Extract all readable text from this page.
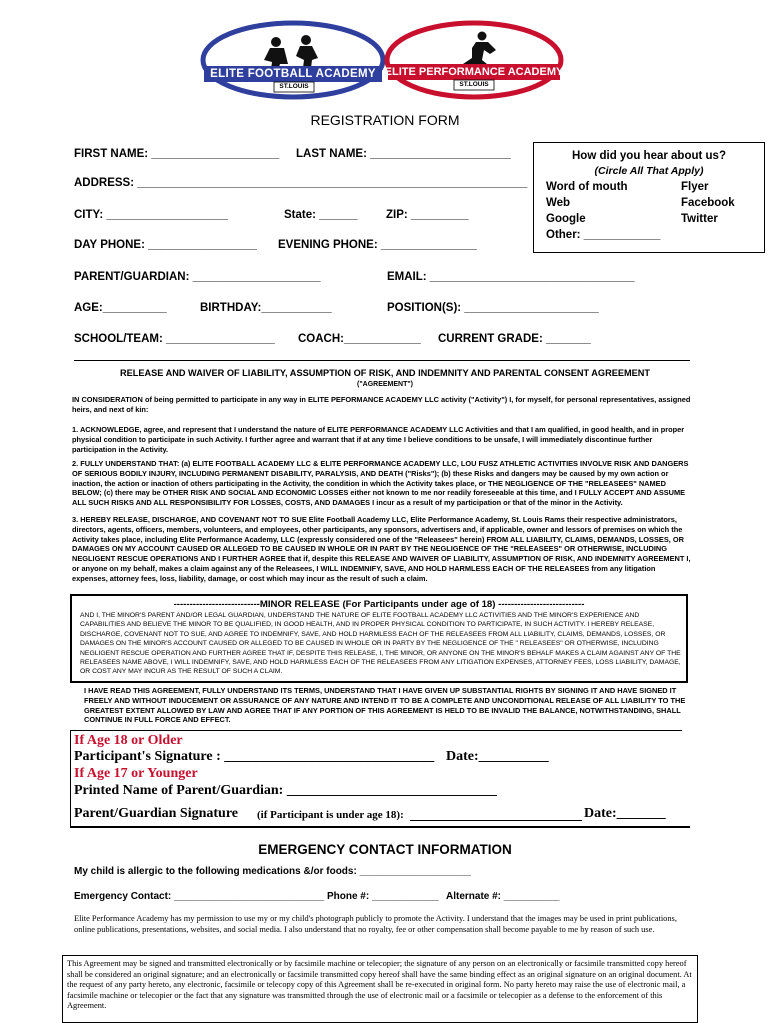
ELITE FOOTBALL ACADEMY
ST.LOUIS
ELITE PERFORMANCE ACADEMY
ST.LOUIS
REGISTRATION FORM
FIRST NAME: ____________________ LAST NAME: ______________________
ADDRESS: _____________________________________________________________
CITY: ___________________	State: ______ ZIP: _________
DAY PHONE: _________________ EVENING PHONE: _______________
PARENT/GUARDIAN: ____________________	EMAIL: ________________________________
AGE:__________	BIRTHDAY:___________	POSITION(S): _____________________
SCHOOL/TEAM: _________________ COACH:____________ CURRENT GRADE: _______
How did you hear about us?
(Circle All That Apply)
Word of mouth	Flyer
Web	Facebook
Google	Twitter
Other: ____________
RELEASE AND WAIVER OF LIABILITY, ASSUMPTION OF RISK, AND INDEMNITY AND PARENTAL CONSENT AGREEMENT
("AGREEMENT")
IN CONSIDERATION of being permitted to participate in any way in ELITE PEFORMANCE ACADEMY LLC activity ("Activity") I, for myself, for personal representatives, assigned heirs, and next of kin:
1. ACKNOWLEDGE, agree, and represent that I understand the nature of ELITE PERFORMANCE ACADEMY LLC Activities and that I am qualified, in good health, and in proper physical condition to participate in such Activity. I further agree and warrant that if at any time I believe conditions to be unsafe, I will immediately discontinue further participation in the Activity.
2. FULLY UNDERSTAND THAT: (a) ELITE FOOTBALL ACADEMY LLC & ELITE PERFORMANCE ACADEMY LLC, LOU FUSZ ATHLETIC ACTIVITIES INVOLVE RISK AND DANGERS OF SERIOUS BODILY INJURY, INCLUDING PERMANENT DISABILITY, PARALYSIS, AND DEATH ("Risks"); (b) these Risks and dangers may be caused by my own action or inaction, the action or inaction of others participating in the Activity, the condition in which the Activity takes place, or THE NEGLIGENCE OF THE "RELEASEES" NAMED BELOW; (c) there may be OTHER RISK AND SOCIAL AND ECONOMIC LOSSES either not known to me nor readily foreseeable at this time, and I FULLY ACCEPT AND ASSUME ALL SUCH RISKS AND ALL RESPONSIBILITY FOR LOSSES, COSTS, AND DAMAGES I incur as a result of my participation or that of the minor in the Activity.
3. HEREBY RELEASE, DISCHARGE, AND COVENANT NOT TO SUE Elite Football Academy LLC, Elite Performance Academy, St. Louis Rams their respective administrators, directors, agents, officers, members, volunteers, and employees, other participants, any sponsors, advertisers and, if applicable, owner and lessors of premises on which the Activity takes place, including Elite Performance Academy, LLC (expressly considered one of the "Releasees" herein) FROM ALL LIABILITY, CLAIMS, DEMANDS, LOSSES, OR DAMAGES ON MY ACCOUNT CAUSED OR ALLEGED TO BE CAUSED IN WHOLE OR IN PART BY THE NEGLIGENCE OF THE "RELEASEES" OR OTHERWISE, INCLUDING NEGLIGENT RESCUE OPERATIONS AND I FURTHER AGREE that if, despite this RELEASE AND WAIVER OF LIABILITY, ASSUMPTION OF RISK, AND INDEMNITY AGREEMENT I, or anyone on my behalf, makes a claim against any of the Releasees, I WILL INDEMNIFY, SAVE, AND HOLD HARMLESS EACH OF THE RELEASEES from any litigation expenses, attorney fees, loss, liability, damage, or cost which may incur as the result of such a claim.
---------------------------MINOR RELEASE (For Participants under age of 18) ---------------------------
AND I, THE MINOR'S PARENT AND/OR LEGAL GUARDIAN, UNDERSTAND THE NATURE OF ELITE FOOTBALL ACADEMY LLC ACTIVITIES AND THE MINOR'S EXPERIENCE AND CAPABILITIES AND BELIEVE THE MINOR TO BE QUALIFIED, IN GOOD HEALTH, AND IN PROPER PHYSICAL CONDITION TO PARTICIPATE, IN SUCH ACTIVITY. I HEREBY RELEASE, DISCHARGE, COVENANT NOT TO SUE, AND AGREE TO INDEMNIFY, SAVE, AND HOLD HARMLESS EACH OF THE RELEASEES FROM ALL LIABILITY, CLAIMS, DEMANDS, LOSSES, OR DAMAGES ON THE MINOR'S ACCOUNT CAUSED OR ALLEGED TO BE CAUSED IN WHOLE OR IN PARTY BY THE NEGLIGENCE OF THE " RELEASEES" OR OTHERWISE, INCLUDING NEGLIGENT RESCUE OPERATION AND FURTHER AGREE THAT IF, DESPITE THIS RELEASE, I, THE MINOR, OR ANYONE ON THE MINOR'S BEHALF MAKES A CLAIM AGAINST ANY OF THE RELEASEES NAME ABOVE, I WILL INDEMNIFY, SAVE, AND HOLD HARMLESS EACH OF THE RELEASEES FROM ANY LITIGATION EXPENSES, ATTORNEY FEES, LOSS LIABILITY, DAMAGE, OR COST ANY MAY INCUR AS THE RESULT OF SUCH A CLAIM.
I HAVE READ THIS AGREEMENT, FULLY UNDERSTAND ITS TERMS, UNDERSTAND THAT I HAVE GIVEN UP SUBSTANTIAL RIGHTS BY SIGNING IT AND HAVE SIGNED IT FREELY AND WITHOUT INDUCEMENT OR ASSURANCE OF ANY NATURE AND INTEND IT TO BE A COMPLETE AND UNCONDITIONAL RELEASE OF ALL LIABILITY TO THE GREATEST EXTENT ALLOWED BY LAW AND AGREE THAT IF ANY PORTION OF THIS AGREEMENT IS HELD TO BE INVALID THE BALANCE, NOTWITHSTANDING, SHALL CONTINUE IN FULL FORCE AND EFFECT.
If Age 18 or Older
Participant's Signature : ______________________________ Date:__________
If Age 17 or Younger
Printed Name of Parent/Guardian: ______________________________
Parent/Guardian Signature (if Participant is under age 18):	Date:_______
EMERGENCY CONTACT INFORMATION
My child is allergic to the following medications &/or foods: ____________________
Emergency Contact: ___________________________ Phone #: ____________ Alternate #: __________
Elite Performance Academy has my permission to use my or my child's photograph publicly to promote the Activity. I understand that the images may be used in print publications, online publications, presentations, websites, and social media. I also understand that no royalty, fee or other compensation shall become payable to me by reason of such use.
This Agreement may be signed and transmitted electronically or by facsimile machine or telecopier; the signature of any person on an electronically or facsimile transmitted copy hereof shall be considered an original signature; and an electronically or facsimile transmitted copy hereof shall have the same binding effect as an original signature on an original document. At the request of any party hereto, any electronic, facsimile or telecopy copy of this Agreement shall be re-executed in original form. No party hereto may raise the use of electronic mail, a facsimile machine or telecopier or the fact that any signature was transmitted through the use of electronic mail or a facsimile or telecopier as a defense to the enforcement of this Agreement.
